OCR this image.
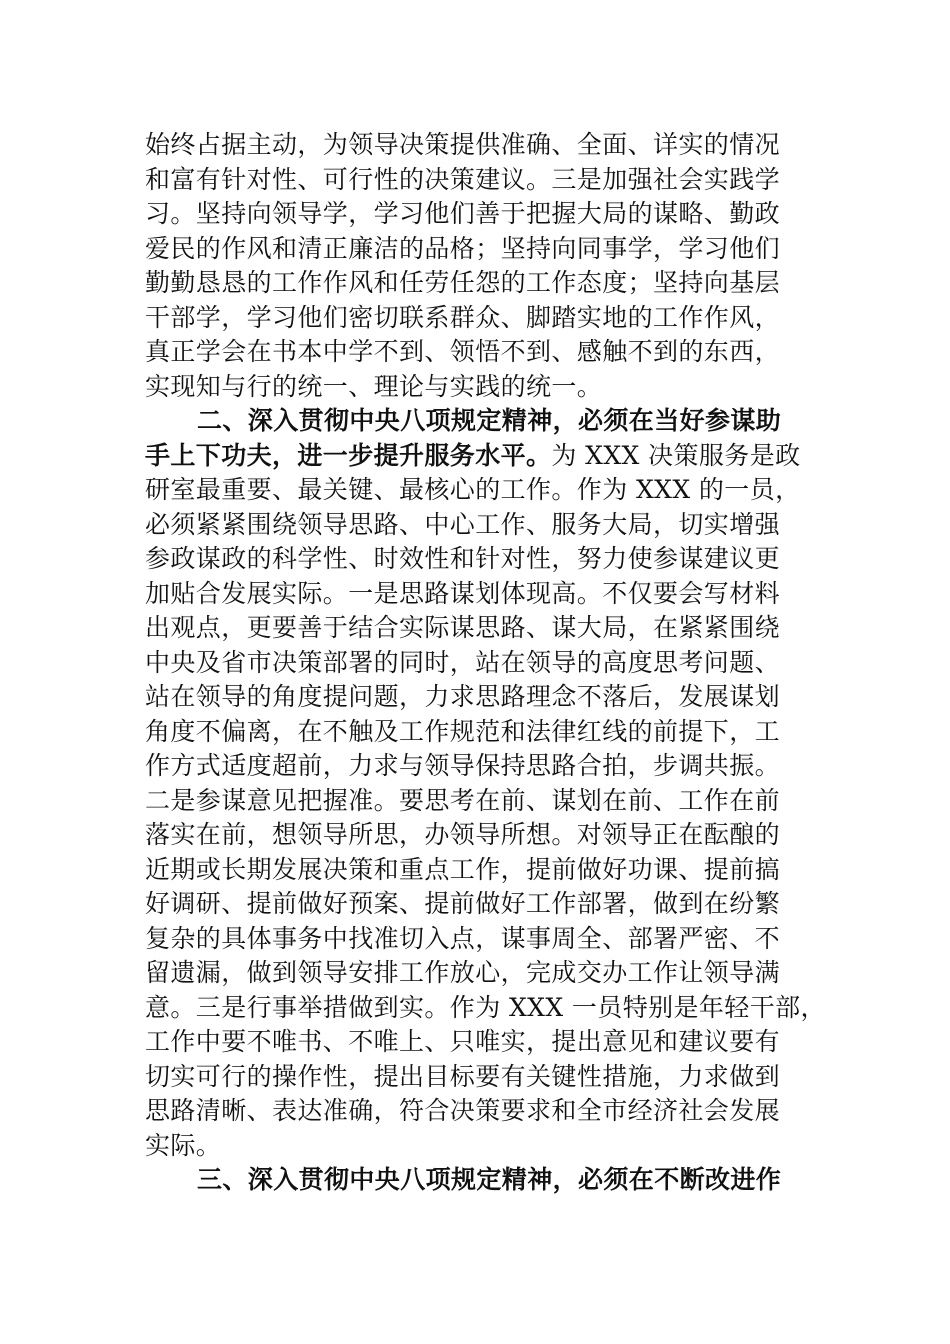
始终占据主动，为领导决策提供准确、全面、详实的情况
和富有针对性、可行性的决策建议。三是加强社会实践学
习。坚持向领导学，学习他们善于把握大局的谋略、勤政
爱民的作风和清正廉洁的品格；坚持向同事学，学习他们
勤勤恳恳的工作作风和任劳任怨的工作态度；坚持向基层
干部学，学习他们密切联系群众、脚踏实地的工作作风，
真正学会在书本中学不到、领悟不到、感触不到的东西，
实现知与行的统一、理论与实践的统一。
二、深入贯彻中央八项规定精神，必须在当好参谋助
手上下功夫，进一步提升服务水平。为 XXX 决策服务是政
研室最重要、最关键、最核心的工作。作为 XXX 的一员，
必须紧紧围绕领导思路、中心工作、服务大局，切实增强
参政谋政的科学性、时效性和针对性，努力使参谋建议更
加贴合发展实际。一是思路谋划体现高。不仅要会写材料
出观点，更要善于结合实际谋思路、谋大局，在紧紧围绕
中央及省市决策部署的同时，站在领导的高度思考问题、
站在领导的角度提问题，力求思路理念不落后，发展谋划
角度不偏离，在不触及工作规范和法律红线的前提下，工
作方式适度超前，力求与领导保持思路合拍，步调共振。
二是参谋意见把握准。要思考在前、谋划在前、工作在前
落实在前，想领导所思，办领导所想。对领导正在酝酿的
近期或长期发展决策和重点工作，提前做好功课、提前搞
好调研、提前做好预案、提前做好工作部署，做到在纷繁
复杂的具体事务中找准切入点，谋事周全、部署严密、不
留遗漏，做到领导安排工作放心，完成交办工作让领导满
意。三是行事举措做到实。作为 XXX 一员特别是年轻干部，
工作中要不唯书、不唯上、只唯实，提出意见和建议要有
切实可行的操作性，提出目标要有关键性措施，力求做到
思路清晰、表达准确，符合决策要求和全市经济社会发展
实际。
三、深入贯彻中央八项规定精神，必须在不断改进作
